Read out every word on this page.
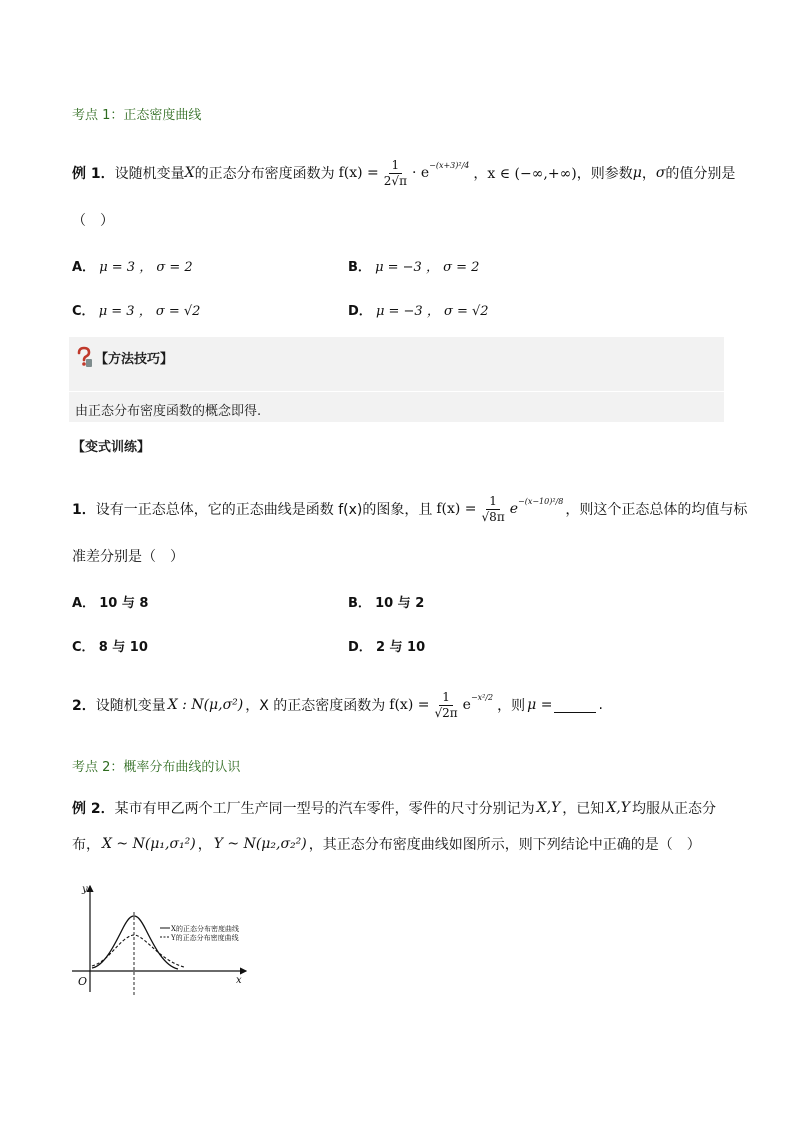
考点 1：正态密度曲线
例 1． 设随机变量 X 的正态分布密度函数为 $f(x) = \frac{1}{2√\pi} \cdot e -(x+3)^2/4$
，x ∈ (−∞,+∞) ，则参数 μ ， σ 的值分别是
（　）
A． μ = 3 ， σ = 2	B． μ = −3 ， σ = 2
C． μ = 3 ， σ = √2	D． μ = −3 ， σ = √2
【方法技巧】
由正态分布密度函数的概念即得.
【变式训练】
1． 设有一正态总体，它的正态曲线是函数 f(x)的图象，且 $f(x) = \frac{1}{√8\pi}$ e −(x−10)²/8
，则这个正态总体的均值与标
准差分别是（　）
A． 10 与 8	B． 10 与 2
C． 8 与 10	D． 2 与 10
2． 设随机变量 X : N(μ,σ²) ，X 的正态密度函数为 $f(x) = \frac{1}{√2\pi}$ e −x²/2
，则 μ =	.
考点 2：概率分布曲线的认识
例 2． 某市有甲乙两个工厂生产同一型号的汽车零件，零件的尺寸分别记为 X,Y ，已知 X,Y 均服从正态分
布， X ~ N(μ₁,σ₁²) ， Y ~ N(μ₂,σ₂²) ，其正态分布密度曲线如图所示，则下列结论中正确的是（　）
y
x
O
X的正态分布密度曲线
Y的正态分布密度曲线
